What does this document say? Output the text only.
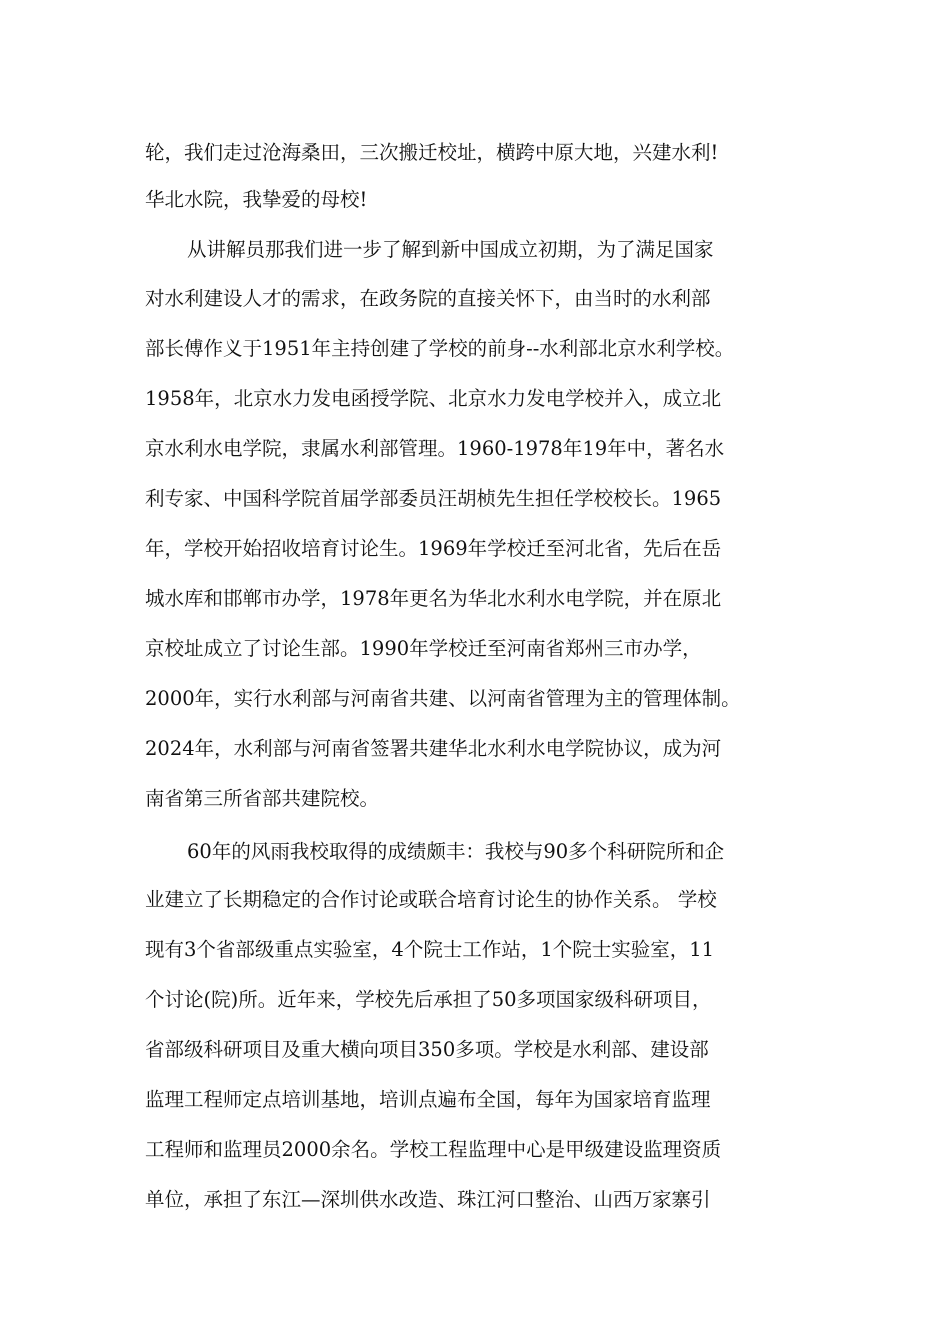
轮，我们走过沧海桑田，三次搬迁校址，横跨中原大地，兴建水利!
华北水院，我挚爱的母校!
从讲解员那我们进一步了解到新中国成立初期，为了满足国家
对水利建设人才的需求，在政务院的直接关怀下，由当时的水利部
部长傅作义于1951年主持创建了学校的前身--水利部北京水利学校。
1958年，北京水力发电函授学院、北京水力发电学校并入，成立北
京水利水电学院，隶属水利部管理。1960-1978年19年中，著名水
利专家、中国科学院首届学部委员汪胡桢先生担任学校校长。1965
年，学校开始招收培育讨论生。1969年学校迁至河北省，先后在岳
城水库和邯郸市办学，1978年更名为华北水利水电学院，并在原北
京校址成立了讨论生部。1990年学校迁至河南省郑州三市办学，
2000年，实行水利部与河南省共建、以河南省管理为主的管理体制。
2024年，水利部与河南省签署共建华北水利水电学院协议，成为河
南省第三所省部共建院校。
60年的风雨我校取得的成绩颇丰：我校与90多个科研院所和企
业建立了长期稳定的合作讨论或联合培育讨论生的协作关系。 学校
现有3个省部级重点实验室，4个院士工作站，1个院士实验室，11
个讨论(院)所。近年来，学校先后承担了50多项国家级科研项目，
省部级科研项目及重大横向项目350多项。学校是水利部、建设部
监理工程师定点培训基地，培训点遍布全国，每年为国家培育监理
工程师和监理员2000余名。学校工程监理中心是甲级建设监理资质
单位，承担了东江—深圳供水改造、珠江河口整治、山西万家寨引
